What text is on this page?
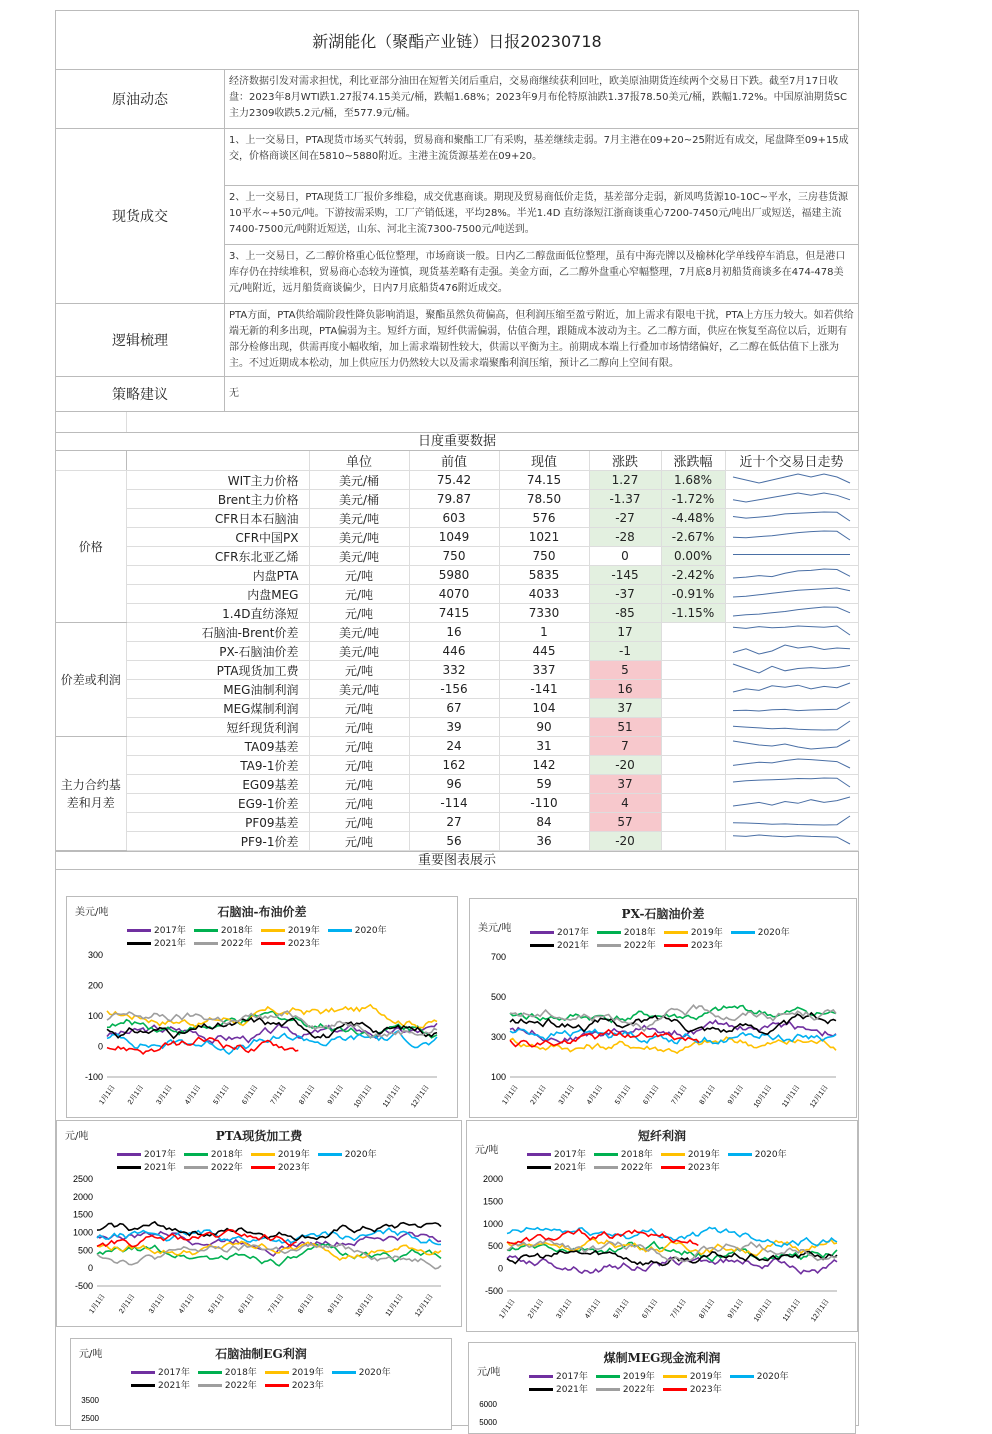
新湖能化（聚酯产业链）日报20230718
原油动态
经济数据引发对需求担忧，利比亚部分油田在短暂关闭后重启，交易商继续获利回吐，欧美原油期货连续两个交易日下跌。截至7月17日收盘：2023年8月WTI跌1.27报74.15美元/桶，跌幅1.68%；2023年9月布伦特原油跌1.37报78.50美元/桶，跌幅1.72%。中国原油期货SC主力2309收跌5.2元/桶，至577.9元/桶。
现货成交
1、上一交易日，PTA现货市场买气转弱，贸易商和聚酯工厂有采购，基差继续走弱。7月主港在09+20~25附近有成交，尾盘降至09+15成交，价格商谈区间在5810~5880附近。主港主流货源基差在09+20。
2、上一交易日，PTA现货工厂报价多维稳，成交优惠商谈。期现及贸易商低价走货，基差部分走弱，新凤鸣货源10-10C~平水，三房巷货源10平水~+50元/吨。下游按需采购，工厂产销低迷，平均28%。半光1.4D 直纺涤短江浙商谈重心7200-7450元/吨出厂或短送，福建主流7400-7500元/吨附近短送，山东、河北主流7300-7500元/吨送到。
3、上一交易日，乙二醇价格重心低位整理，市场商谈一般。日内乙二醇盘面低位整理，虽有中海壳牌以及榆林化学单线停车消息，但是港口库存仍在持续堆积，贸易商心态较为谨慎，现货基差略有走强。美金方面，乙二醇外盘重心窄幅整理，7月底8月初船货商谈多在474-478美元/吨附近，远月船货商谈偏少，日内7月底船货476附近成交。
逻辑梳理
PTA方面，PTA供给端阶段性降负影响消退，聚酯虽然负荷偏高，但利润压缩至盈亏附近，加上需求有限电干扰，PTA上方压力较大。如若供给端无新的利多出现，PTA偏弱为主。短纤方面，短纤供需偏弱，估值合理，跟随成本波动为主。乙二醇方面，供应在恢复至高位以后，近期有部分检修出现，供需再度小幅收缩，加上需求端韧性较大，供需以平衡为主。前期成本端上行叠加市场情绪偏好，乙二醇在低估值下上涨为主。不过近期成本松动，加上供应压力仍然较大以及需求端聚酯利润压缩，预计乙二醇向上空间有限。
策略建议	无
日度重要数据
		单位	前值	现值	涨跌	涨跌幅	近十个交易日走势
价格	WIT主力价格	美元/桶	75.42	74.15	1.27	1.68%	
	Brent主力价格	美元/桶	79.87	78.50	-1.37	-1.72%	
	CFR日本石脑油	美元/吨	603	576	-27	-4.48%	
	CFR中国PX	美元/吨	1049	1021	-28	-2.67%	
	CFR东北亚乙烯	美元/吨	750	750	0	0.00%	
	内盘PTA	元/吨	5980	5835	-145	-2.42%	
	内盘MEG	元/吨	4070	4033	-37	-0.91%	
	1.4D直纺涤短	元/吨	7415	7330	-85	-1.15%	
价差或利润	石脑油-Brent价差	美元/吨	16	1	17		
	PX-石脑油价差	美元/吨	446	445	-1		
	PTA现货加工费	元/吨	332	337	5		
	MEG油制利润	美元/吨	-156	-141	16		
	MEG煤制利润	元/吨	67	104	37		
	短纤现货利润	元/吨	39	90	51		
主力合约基差和月差	TA09基差	元/吨	24	31	7		
	TA9-1价差	元/吨	162	142	-20		
	EG09基差	元/吨	96	59	37		
	EG9-1价差	元/吨	-114	-110	4		
	PF09基差	元/吨	27	84	57		
	PF9-1价差	元/吨	56	36	-20		
重要图表展示
石脑油-布油价差
美元/吨
2017年	2018年	2019年	2020年2021年	2022年	2023年
300
200
100
0
-100
1月1日 2月1日 3月1日 4月1日 5月1日 6月1日 7月1日 8月1日 9月1日 10月1日 11月1日 12月1日
PX-石脑油价差
美元/吨	2017年	2018年	2019年	2020年2021年	2022年	2023年
700
500
300
100
1月1日 2月1日 3月1日 4月1日 5月1日 6月1日 7月1日 8月1日 9月1日 10月1日 11月1日 12月1日
PTA现货加工费
元/吨
2017年	2018年	2019年	2020年2021年	2022年	2023年
2500
2000
1500
1000
500
0
-500
1月1日 2月1日 3月1日 4月1日 5月1日 6月1日 7月1日 8月1日 9月1日 10月1日 11月1日 12月1日
短纤利润
元/吨	2017年	2018年	2019年	2020年2021年	2022年	2023年
2000
1500
1000
500
0
-500
1月1日 2月1日 3月1日 4月1日 5月1日 6月1日 7月1日 8月1日 9月1日 10月1日 11月1日 12月1日
石脑油制EG利润
元/吨
2017年	2018年	2019年	2020年2021年	2022年	2023年
3500
2500
煤制MEG现金流利润
元/吨	2017年	2019年	2019年	2020年2021年	2022年	2023年
6000
5000
